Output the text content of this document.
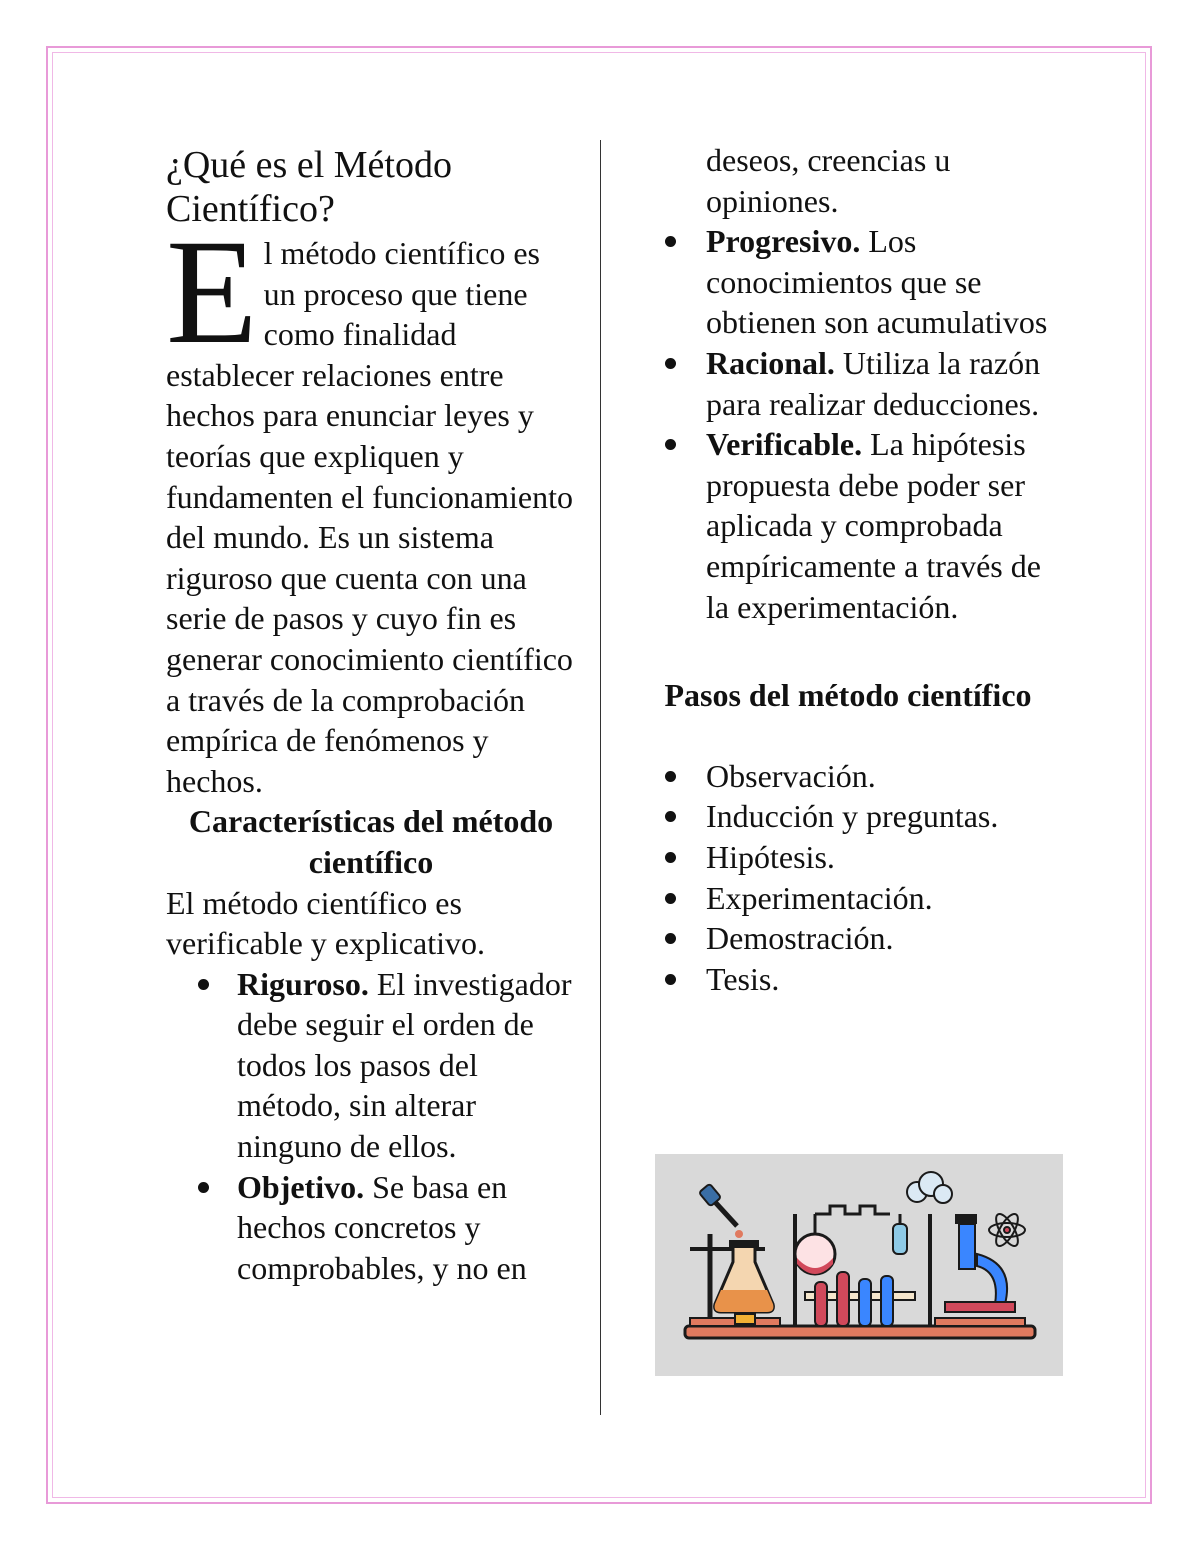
¿Qué es el Método Científico?

El método científico es un proceso que tiene como finalidad establecer relaciones entre hechos para enunciar leyes y teorías que expliquen y fundamenten el funcionamiento del mundo. Es un sistema riguroso que cuenta con una serie de pasos y cuyo fin es generar conocimiento científico a través de la comprobación empírica de fenómenos y hechos.

Características del método científico

El método científico es verificable y explicativo.

Riguroso. El investigador debe seguir el orden de todos los pasos del método, sin alterar ninguno de ellos.
Objetivo. Se basa en hechos concretos y comprobables, y no en

deseos, creencias u opiniones.

Progresivo. Los conocimientos que se obtienen son acumulativos
Racional. Utiliza la razón para realizar deducciones.
Verificable. La hipótesis propuesta debe poder ser aplicada y comprobada empíricamente a través de la experimentación.

Pasos del método científico

Observación.
Inducción y preguntas.
Hipótesis.
Experimentación.
Demostración.
Tesis.
